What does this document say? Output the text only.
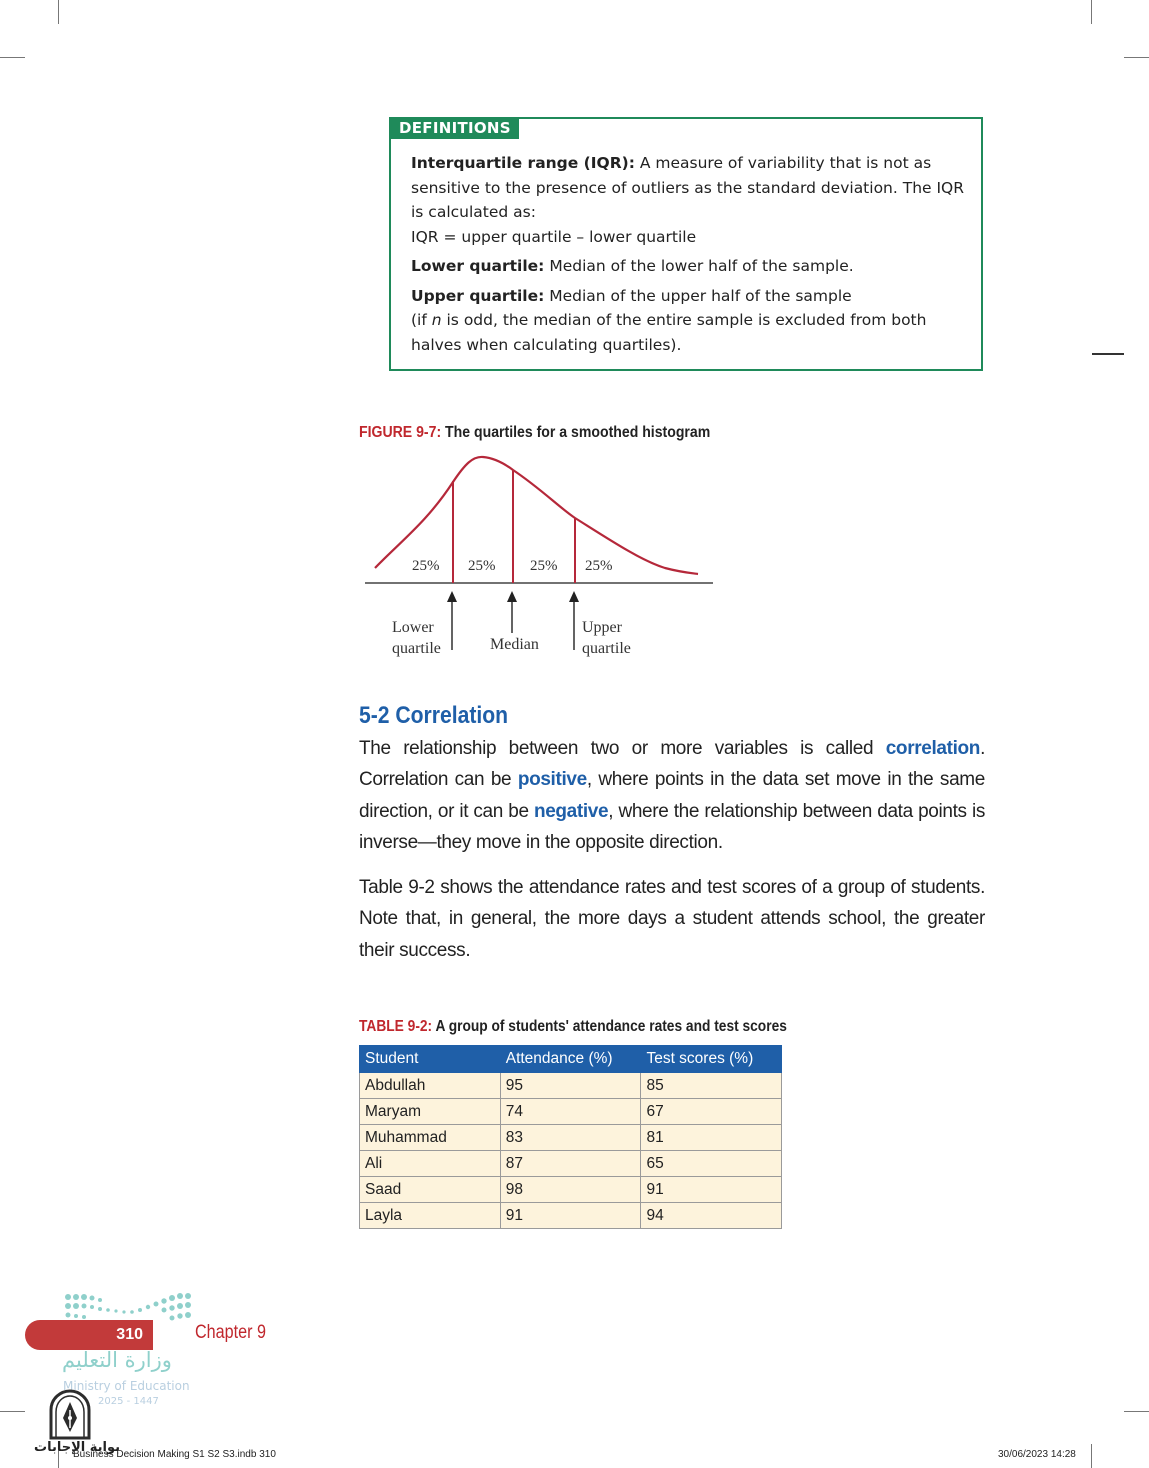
DEFINITIONS

Interquartile range (IQR): A measure of variability that is not as sensitive to the presence of outliers as the standard deviation. The IQR is calculated as:
IQR = upper quartile – lower quartile

Lower quartile: Median of the lower half of the sample.

Upper quartile: Median of the upper half of the sample
(if n is odd, the median of the entire sample is excluded from both halves when calculating quartiles).

FIGURE 9-7: The quartiles for a smoothed histogram
25% 25% 25% 25%
Lower
quartile	Median
Upper
quartile
5-2 Correlation
The relationship between two or more variables is called correlation. Correlation can be positive, where points in the data set move in the same direction, or it can be negative, where the relationship between data points is inverse—they move in the opposite direction.
Table 9-2 shows the attendance rates and test scores of a group of students. Note that, in general, the more days a student attends school, the greater their success.
TABLE 9-2: A group of students' attendance rates and test scores
Student	Attendance (%)	Test scores (%)
Abdullah	95	85
Maryam	74	67
Muhammad	83	81
Ali	87	65
Saad	98	91
Layla	91	94
310	Chapter 9
وزارة التعليم
Ministry of Education
2025 - 1447
بوابة الإجابات
Business Decision Making S1 S2 S3.indb 310	30/06/2023 14:28
